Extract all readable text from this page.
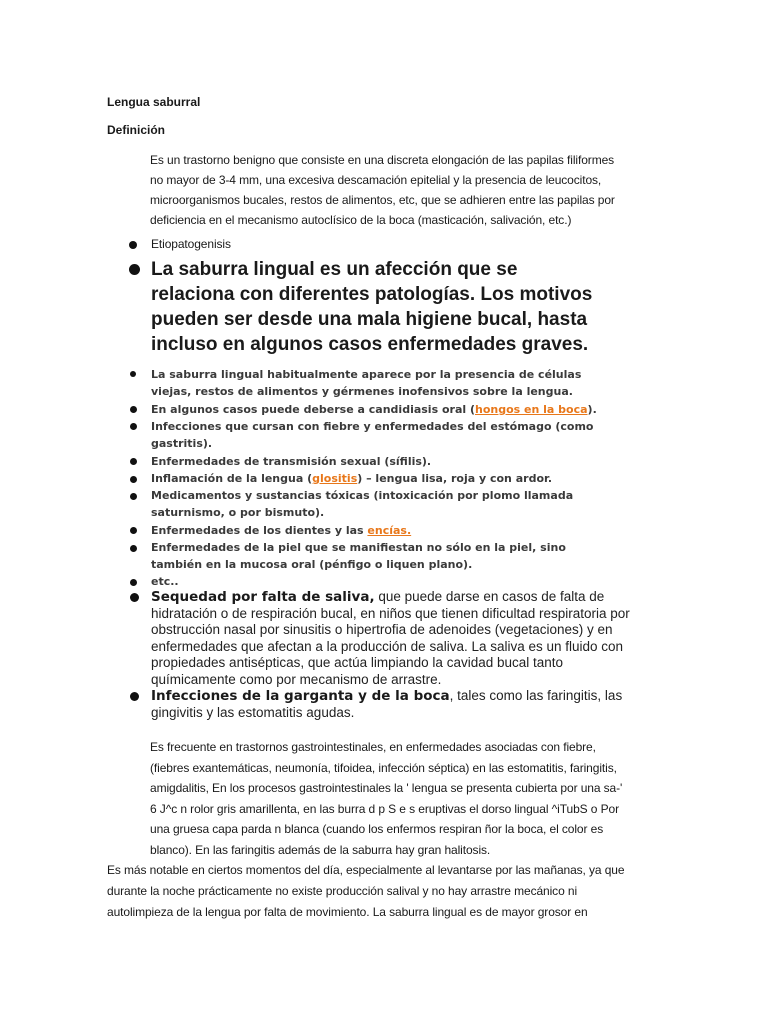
Lengua saburral
Definición
Es un trastorno benigno que consiste en una discreta elongación de las papilas filiformes
no mayor de 3-4 mm, una excesiva descamación epitelial y la presencia de leucocitos,
microorganismos bucales, restos de alimentos, etc, que se adhieren entre las papilas por
deficiencia en el mecanismo autoclísico de la boca (masticación, salivación, etc.)
Etiopatogenisis
La saburra lingual es un afección que se
relaciona con diferentes patologías. Los motivos
pueden ser desde una mala higiene bucal, hasta
incluso en algunos casos enfermedades graves.
La saburra lingual habitualmente aparece por la presencia de células
viejas, restos de alimentos y gérmenes inofensivos sobre la lengua.
En algunos casos puede deberse a candidiasis oral (hongos en la boca).
Infecciones que cursan con fiebre y enfermedades del estómago (como
gastritis).
Enfermedades de transmisión sexual (sífilis).
Inflamación de la lengua (glositis) – lengua lisa, roja y con ardor.
Medicamentos y sustancias tóxicas (intoxicación por plomo llamada
saturnismo, o por bismuto).
Enfermedades de los dientes y las encías.
Enfermedades de la piel que se manifiestan no sólo en la piel, sino
también en la mucosa oral (pénfigo o liquen plano).
etc..
Sequedad por falta de saliva, que puede darse en casos de falta de
hidratación o de respiración bucal, en niños que tienen dificultad respiratoria por
obstrucción nasal por sinusitis o hipertrofia de adenoides (vegetaciones) y en
enfermedades que afectan a la producción de saliva. La saliva es un fluido con
propiedades antisépticas, que actúa limpiando la cavidad bucal tanto
químicamente como por mecanismo de arrastre.
Infecciones de la garganta y de la boca, tales como las faringitis, las
gingivitis y las estomatitis agudas.
Es frecuente en trastornos gastrointestinales, en enfermedades asociadas con fiebre,
(fiebres exantemáticas, neumonía, tifoidea, infección séptica) en las estomatitis, faringitis,
amigdalitis, En los procesos gastrointestinales la ' lengua se presenta cubierta por una sa-'
6 J^c n rolor gris amarillenta, en las burra d p S e s eruptivas el dorso lingual ^iTubS o Por
una gruesa capa parda n blanca (cuando los enfermos respiran ñor la boca, el color es
blanco). En las faringitis además de la saburra hay gran halitosis.
Es más notable en ciertos momentos del día, especialmente al levantarse por las mañanas, ya que
durante la noche prácticamente no existe producción salival y no hay arrastre mecánico ni
autolimpieza de la lengua por falta de movimiento. La saburra lingual es de mayor grosor en
